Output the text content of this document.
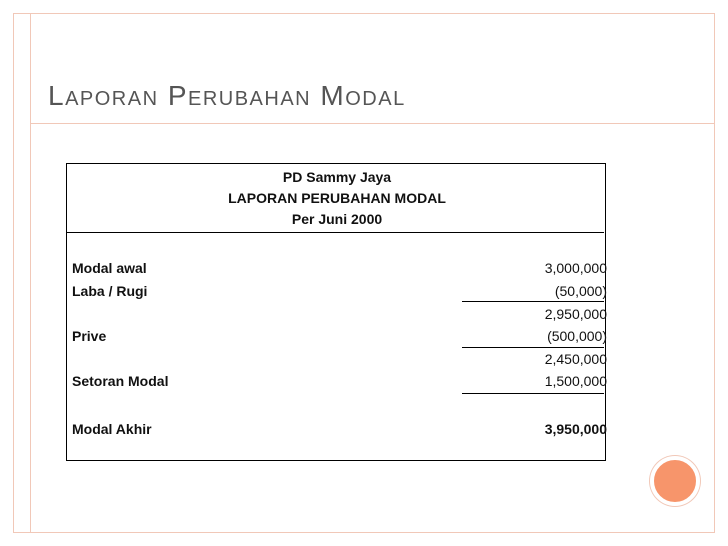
Laporan Perubahan Modal
PD Sammy Jaya
LAPORAN PERUBAHAN MODAL
Per Juni 2000
Modal awal	3,000,000
Laba / Rugi	(50,000)
2,950,000
Prive	(500,000)
2,450,000
Setoran Modal	1,500,000
Modal Akhir	3,950,000
